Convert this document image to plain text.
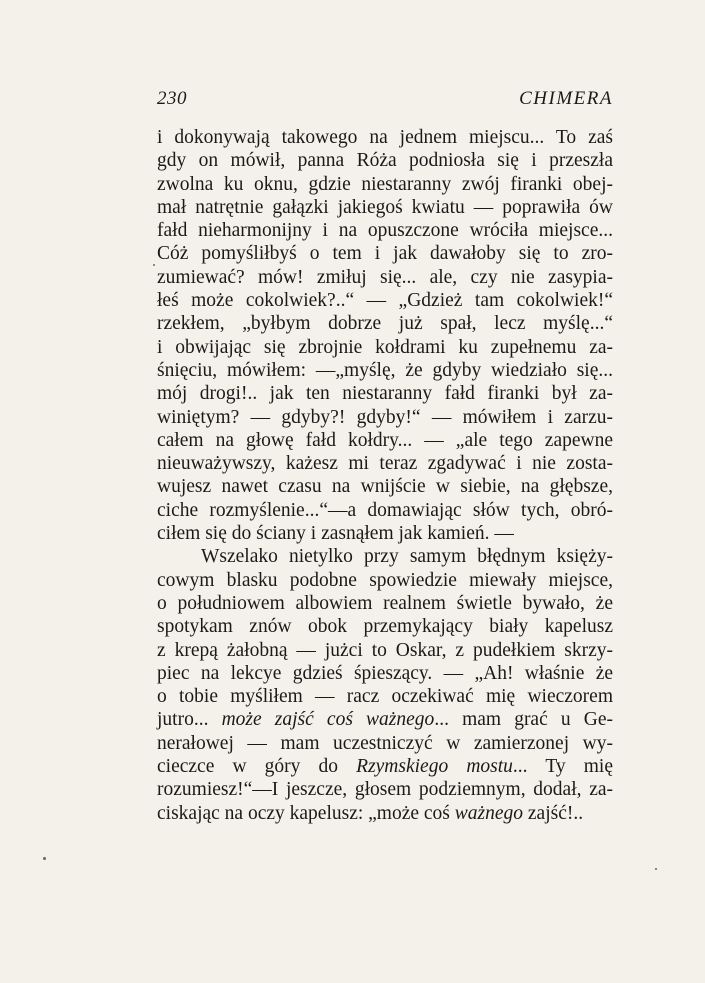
230	CHIMERA
i dokonywają takowego na jednem miejscu... To zaś
gdy on mówił, panna Róża podniosła się i przeszła
zwolna ku oknu, gdzie niestaranny zwój firanki obej-
mał natrętnie gałązki jakiegoś kwiatu — poprawiła ów
fałd nieharmonijny i na opuszczone wróciła miejsce...
Cóż pomyśliłbyś o tem i jak dawałoby się to zro-
zumiewać? mów! zmiłuj się... ale, czy nie zasypia-
łeś może cokolwiek?..“ — „Gdzież tam cokolwiek!“
rzekłem, „byłbym dobrze już spał, lecz myślę...“
i obwijając się zbrojnie kołdrami ku zupełnemu za-
śnięciu, mówiłem: —„myślę, że gdyby wiedziało się...
mój drogi!.. jak ten niestaranny fałd firanki był za-
winiętym? — gdyby?! gdyby!“ — mówiłem i zarzu-
całem na głowę fałd kołdry... — „ale tego zapewne
nieuważywszy, każesz mi teraz zgadywać i nie zosta-
wujesz nawet czasu na wnijście w siebie, na głębsze,
ciche rozmyślenie...“—a domawiając słów tych, obró-
ciłem się do ściany i zasnąłem jak kamień. —
Wszelako nietylko przy samym błędnym księży-
cowym blasku podobne spowiedzie miewały miejsce,
o południowem albowiem realnem świetle bywało, że
spotykam znów obok przemykający biały kapelusz
z krepą żałobną — jużci to Oskar, z pudełkiem skrzy-
piec na lekcye gdzieś śpieszący. — „Ah! właśnie że
o tobie myśliłem — racz oczekiwać mię wieczorem
jutro... może zajść coś ważnego... mam grać u Ge-
nerałowej — mam uczestniczyć w zamierzonej wy-
cieczce w góry do Rzymskiego mostu... Ty mię
rozumiesz!“—I jeszcze, głosem podziemnym, dodał, za-
ciskając na oczy kapelusz: „może coś ważnego zajść!..
